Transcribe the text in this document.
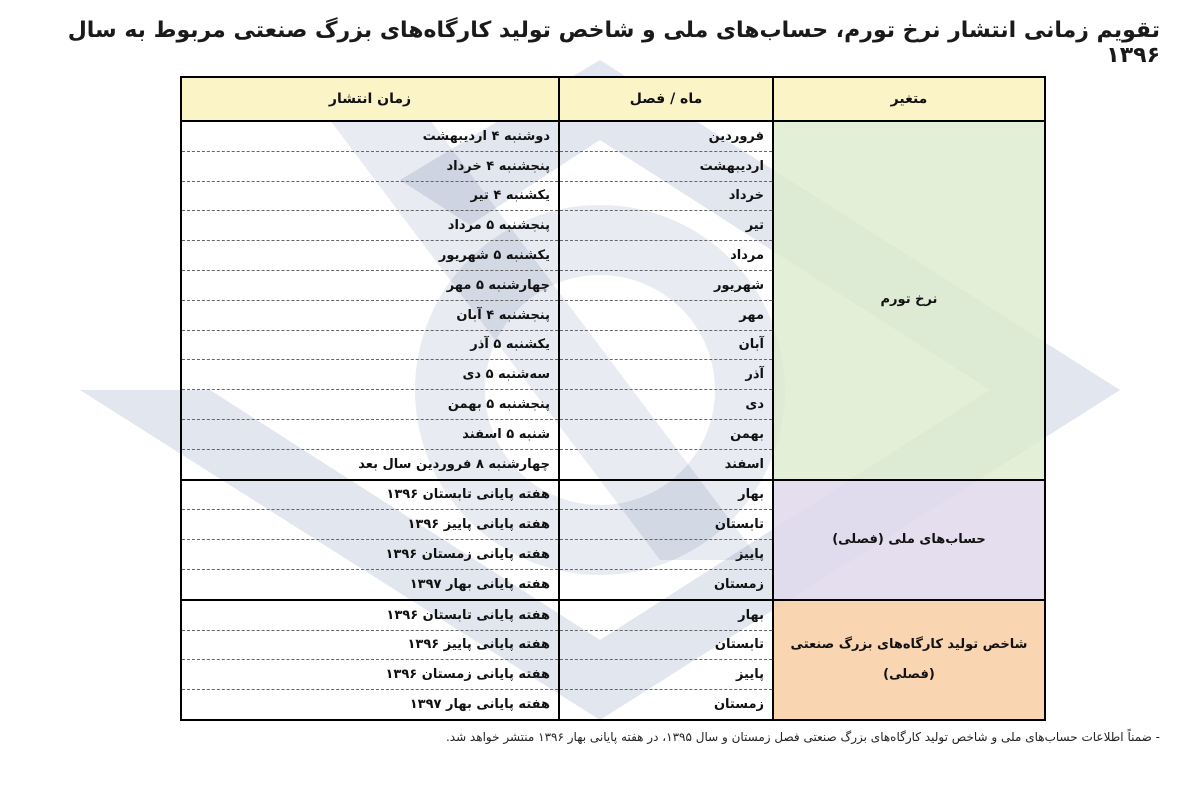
تقویم زمانی انتشار نرخ تورم، حساب‌های ملی و شاخص تولید کارگاه‌های بزرگ صنعتی مربوط به سال ۱۳۹۶
متغیر	ماه / فصل	زمان انتشار
نرخ تورم	فروردین	دوشنبه ۴ اردیبهشت
	اردیبهشت	پنجشنبه ۴ خرداد
	خرداد	یکشنبه ۴ تیر
	تیر	پنجشنبه ۵ مرداد
	مرداد	یکشنبه ۵ شهریور
	شهریور	چهارشنبه ۵ مهر
	مهر	پنجشنبه ۴ آبان
	آبان	یکشنبه ۵ آذر
	آذر	سه‌شنبه ۵ دی
	دی	پنجشنبه ۵ بهمن
	بهمن	شنبه ۵ اسفند
	اسفند	چهارشنبه ۸ فروردین سال بعد
حساب‌های ملی (فصلی)	بهار	هفته پایانی تابستان ۱۳۹۶
	تابستان	هفته پایانی پاییز ۱۳۹۶
	پاییز	هفته پایانی زمستان ۱۳۹۶
	زمستان	هفته پایانی بهار ۱۳۹۷
شاخص تولید کارگاه‌های بزرگ صنعتی (فصلی)	بهار	هفته پایانی تابستان ۱۳۹۶
	تابستان	هفته پایانی پاییز ۱۳۹۶
	پاییز	هفته پایانی زمستان ۱۳۹۶
	زمستان	هفته پایانی بهار ۱۳۹۷
- ضمناً اطلاعات حساب‌های ملی و شاخص تولید کارگاه‌های بزرگ صنعتی فصل زمستان و سال ۱۳۹۵، در هفته پایانی بهار ۱۳۹۶ منتشر خواهد شد.
